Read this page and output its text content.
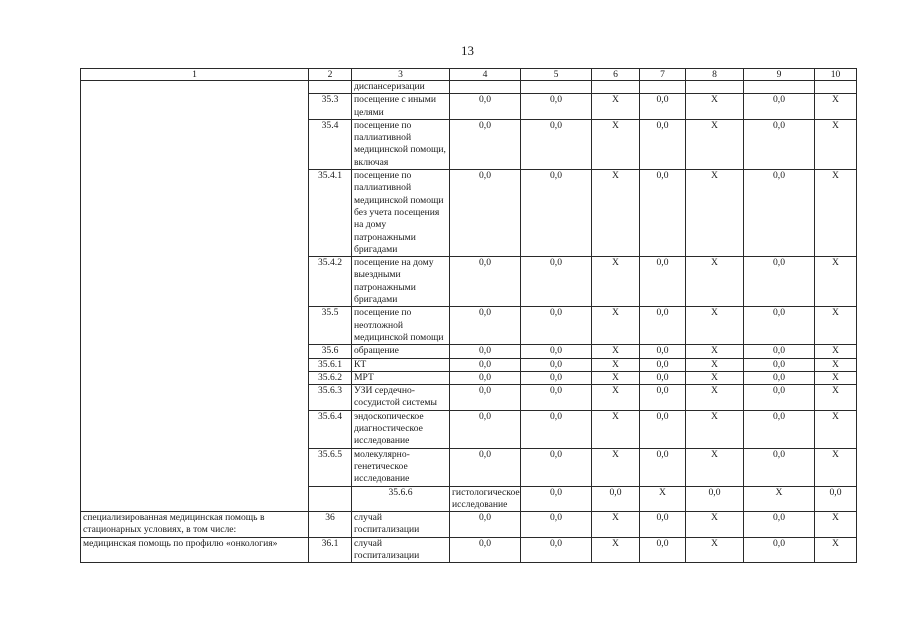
13
1	2	3	4	5	6	7	8	9	10	
		диспансеризации								
	35.3	посещение с иными целями	0,0	0,0	X	0,0	X	0,0	X	
	35.4	посещение по паллиативной медицинской помощи, включая	0,0	0,0	X	0,0	X	0,0	X	
	35.4.1	посещение по паллиативной медицинской помощи без учета посещения на дому патронажными бригадами	0,0	0,0	X	0,0	X	0,0	X	
	35.4.2	посещение на дому выездными патронажными бригадами	0,0	0,0	X	0,0	X	0,0	X	
	35.5	посещение по неотложной медицинской помощи	0,0	0,0	X	0,0	X	0,0	X	
	35.6	обращение	0,0	0,0	X	0,0	X	0,0	X	
	35.6.1	КТ	0,0	0,0	X	0,0	X	0,0	X	
	35.6.2	МРТ	0,0	0,0	X	0,0	X	0,0	X	
	35.6.3	УЗИ сердечно-сосудистой системы	0,0	0,0	X	0,0	X	0,0	X	
	35.6.4	эндоскопическое диагностическое исследование	0,0	0,0	X	0,0	X	0,0	X	
	35.6.5	молекулярно-генетическое исследование	0,0	0,0	X	0,0	X	0,0	X	
		35.6.6	гистологическое исследование	0,0	0,0	X	0,0	X	0,0	
специализированная медицинская помощь в стационарных условиях, в том числе:	36	случай госпитализации	0,0	0,0	X	0,0	X	0,0	X	
медицинская помощь по профилю «онкология»	36.1	случай госпитализации	0,0	0,0	X	0,0	X	0,0	X	
